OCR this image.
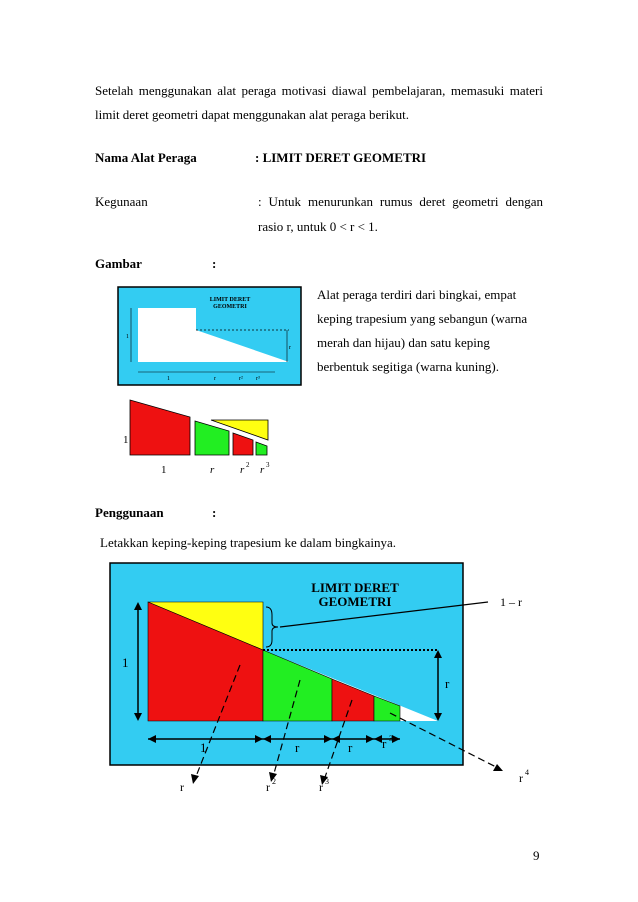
Setelah menggunakan alat peraga motivasi diawal pembelajaran, memasuki materi limit deret geometri dapat menggunakan alat peraga berikut.
Nama Alat Peraga	: LIMIT DERET GEOMETRI
Kegunaan	: Untuk menurunkan rumus deret geometri dengan
rasio r, untuk 0 < r < 1.
Gambar	:
Alat peraga terdiri dari bingkai, empat
keping trapesium yang sebangun (warna
merah dan hijau) dan satu keping
berbentuk segitiga (warna kuning).
LIMIT DERET
GEOMETRI
1
r
1	r	r² r³
1
1	r r 2 r 3
Penggunaan	:
Letakkan keping-keping trapesium ke dalam bingkainya.
LIMIT DERET
GEOMETRI
1
r
1 – r
1	r	r r 3
r	r 2	r 3	r 4
9
